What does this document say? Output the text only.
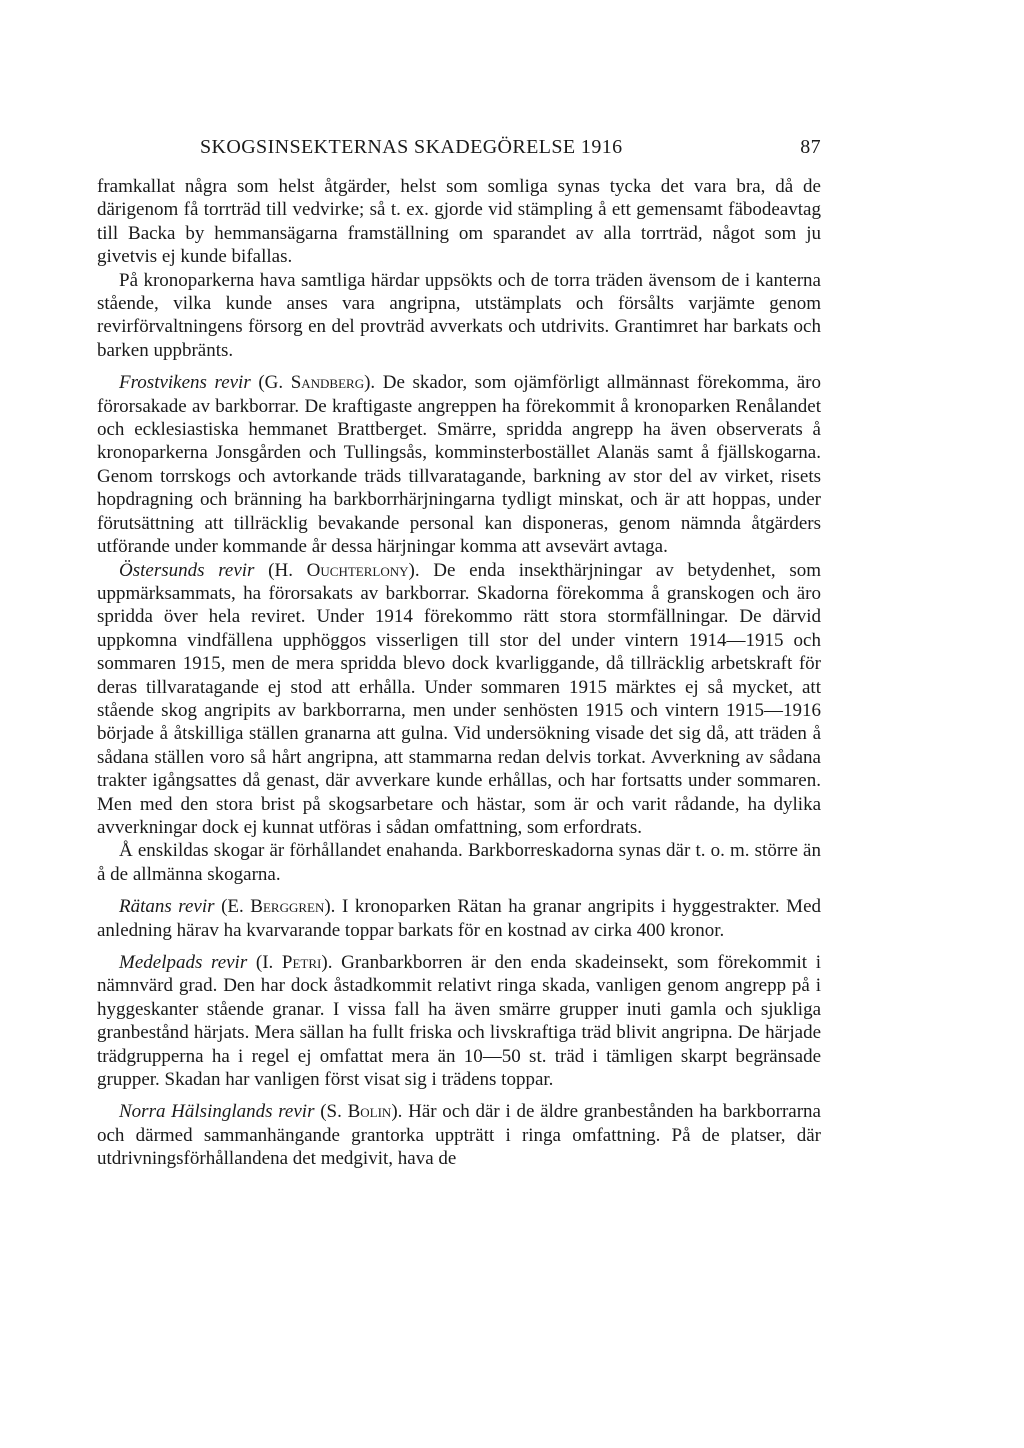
SKOGSINSEKTERNAS SKADEGÖRELSE 1916	87

framkallat några som helst åtgärder, helst som somliga synas tycka det vara bra, då de därigenom få torrträd till vedvirke; så t. ex. gjorde vid stämpling å ett gemensamt fäbodeavtag till Backa by hemmansägarna framställning om sparandet av alla torrträd, något som ju givetvis ej kunde bifallas.

På kronoparkerna hava samtliga härdar uppsökts och de torra träden ävensom de i kanterna stående, vilka kunde anses vara angripna, utstämplats och försålts varjämte genom revirförvaltningens försorg en del provträd avverkats och utdrivits. Grantimret har barkats och barken uppbränts.

Frostvikens revir (G. Sandberg). De skador, som ojämförligt allmännast förekomma, äro förorsakade av barkborrar. De kraftigaste angreppen ha förekommit å kronoparken Renålandet och ecklesiastiska hemmanet Brattberget. Smärre, spridda angrepp ha även observerats å kronoparkerna Jonsgården och Tullingsås, komminsterbostället Alanäs samt å fjällskogarna. Genom torrskogs och avtorkande träds tillvaratagande, barkning av stor del av virket, risets hopdragning och bränning ha barkborrhärjningarna tydligt minskat, och är att hoppas, under förutsättning att tillräcklig bevakande personal kan disponeras, genom nämnda åtgärders utförande under kommande år dessa härjningar komma att avsevärt avtaga.

Östersunds revir (H. Ouchterlony). De enda insekthärjningar av betydenhet, som uppmärksammats, ha förorsakats av barkborrar. Skadorna förekomma å granskogen och äro spridda över hela reviret. Under 1914 förekommo rätt stora stormfällningar. De därvid uppkomna vindfällena upphöggos visserligen till stor del under vintern 1914—1915 och sommaren 1915, men de mera spridda blevo dock kvarliggande, då tillräcklig arbetskraft för deras tillvaratagande ej stod att erhålla. Under sommaren 1915 märktes ej så mycket, att stående skog angripits av barkborrarna, men under senhösten 1915 och vintern 1915—1916 började å åtskilliga ställen granarna att gulna. Vid undersökning visade det sig då, att träden å sådana ställen voro så hårt angripna, att stammarna redan delvis torkat. Avverkning av sådana trakter igångsattes då genast, där avverkare kunde erhållas, och har fortsatts under sommaren. Men med den stora brist på skogsarbetare och hästar, som är och varit rådande, ha dylika avverkningar dock ej kunnat utföras i sådan omfattning, som erfordrats.

Å enskildas skogar är förhållandet enahanda. Barkborreskadorna synas där t. o. m. större än å de allmänna skogarna.

Rätans revir (E. Berggren). I kronoparken Rätan ha granar angripits i hyggestrakter. Med anledning härav ha kvarvarande toppar barkats för en kostnad av cirka 400 kronor.

Medelpads revir (I. Petri). Granbarkborren är den enda skadeinsekt, som förekommit i nämnvärd grad. Den har dock åstadkommit relativt ringa skada, vanligen genom angrepp på i hyggeskanter stående granar. I vissa fall ha även smärre grupper inuti gamla och sjukliga granbestånd härjats. Mera sällan ha fullt friska och livskraftiga träd blivit angripna. De härjade trädgrupperna ha i regel ej omfattat mera än 10—50 st. träd i tämligen skarpt begränsade grupper. Skadan har vanligen först visat sig i trädens toppar.

Norra Hälsinglands revir (S. Bolin). Här och där i de äldre granbestånden ha barkborrarna och därmed sammanhängande grantorka uppträtt i ringa omfattning. På de platser, där utdrivningsförhållandena det medgivit, hava de
